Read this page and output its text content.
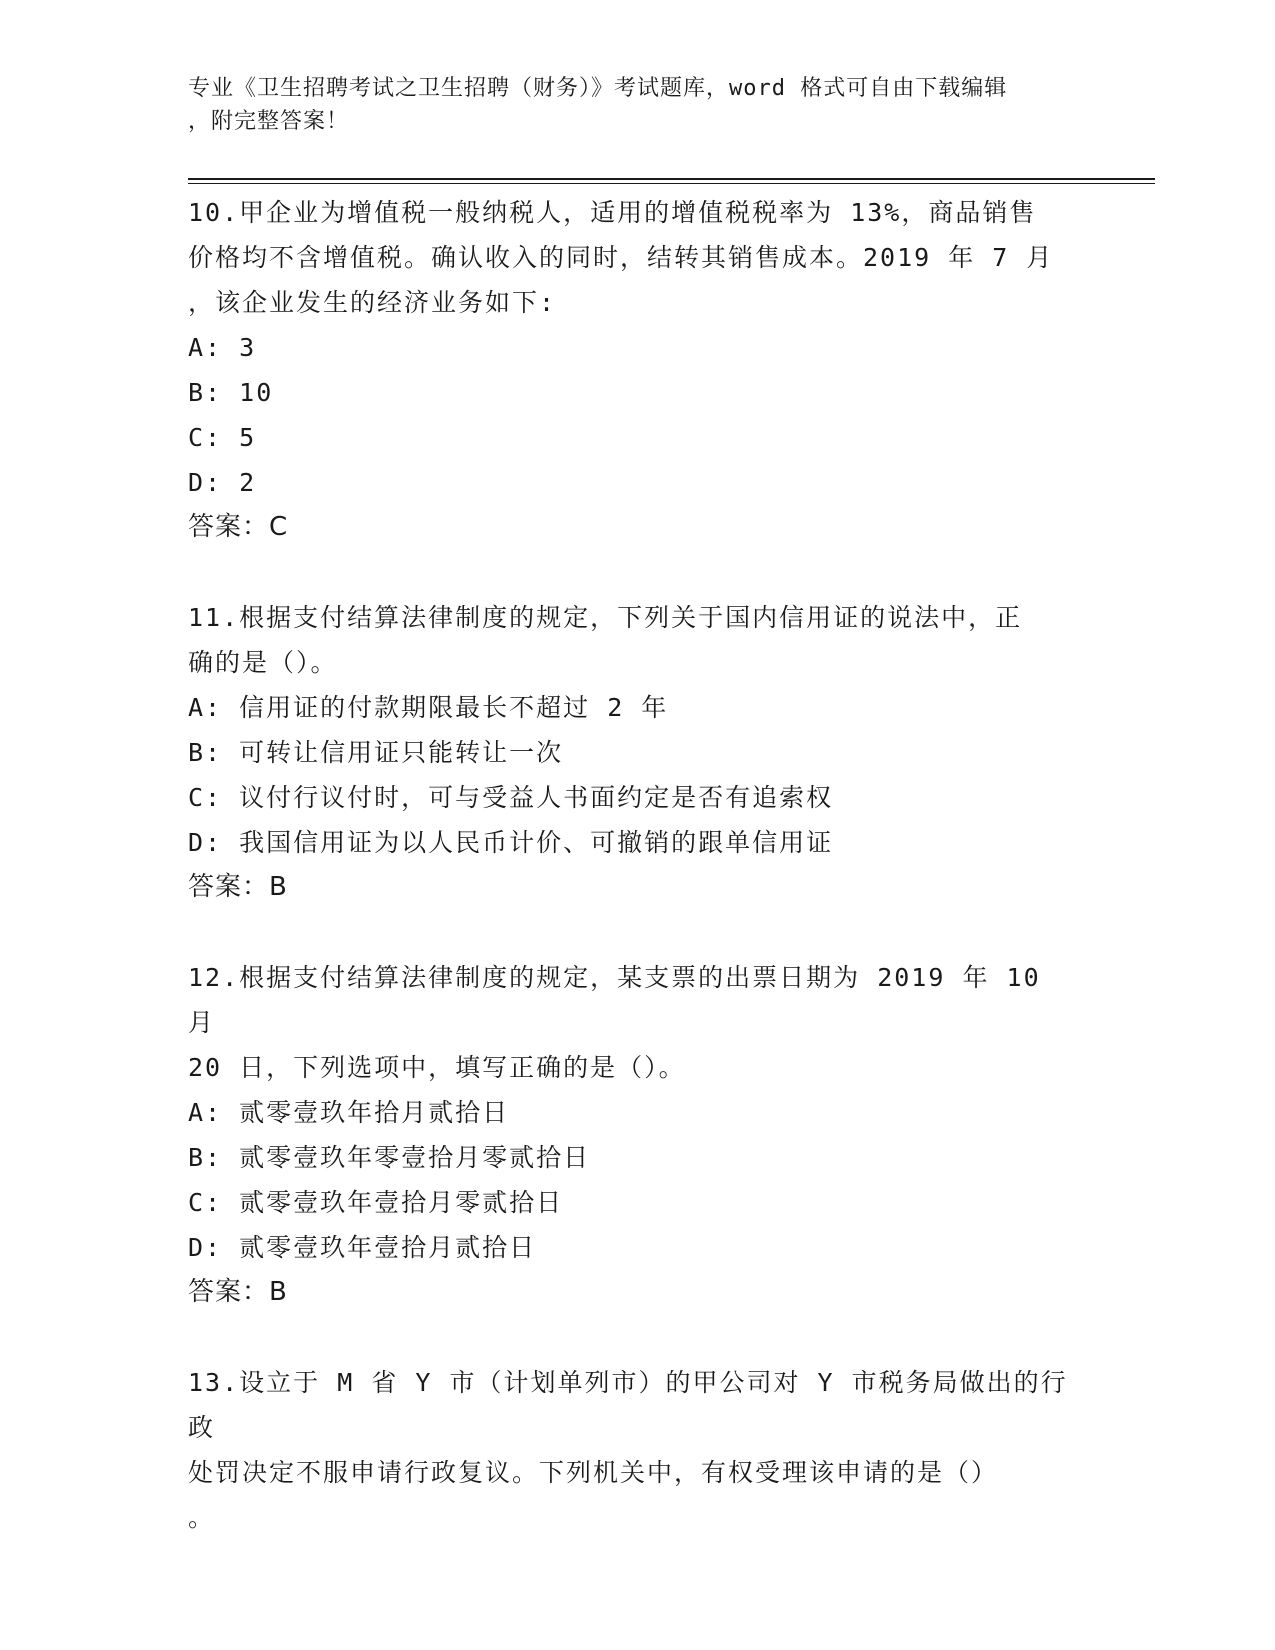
专业《卫生招聘考试之卫生招聘（财务）》考试题库，word 格式可自由下载编辑
，附完整答案！

10.甲企业为增值税一般纳税人，适用的增值税税率为 13%，商品销售
价格均不含增值税。确认收入的同时，结转其销售成本。2019 年 7 月
，该企业发生的经济业务如下:

A: 3

B: 10

C: 5

D: 2

答案：C

11.根据支付结算法律制度的规定，下列关于国内信用证的说法中，正
确的是（）。

A: 信用证的付款期限最长不超过 2 年

B: 可转让信用证只能转让一次

C: 议付行议付时，可与受益人书面约定是否有追索权

D: 我国信用证为以人民币计价、可撤销的跟单信用证

答案：B

12.根据支付结算法律制度的规定，某支票的出票日期为 2019 年 10 月
20 日，下列选项中，填写正确的是（）。

A: 贰零壹玖年拾月贰拾日

B: 贰零壹玖年零壹拾月零贰拾日

C: 贰零壹玖年壹拾月零贰拾日

D: 贰零壹玖年壹拾月贰拾日

答案：B

13.设立于 M 省 Y 市（计划单列市）的甲公司对 Y 市税务局做出的行政
处罚决定不服申请行政复议。下列机关中，有权受理该申请的是（）
。
